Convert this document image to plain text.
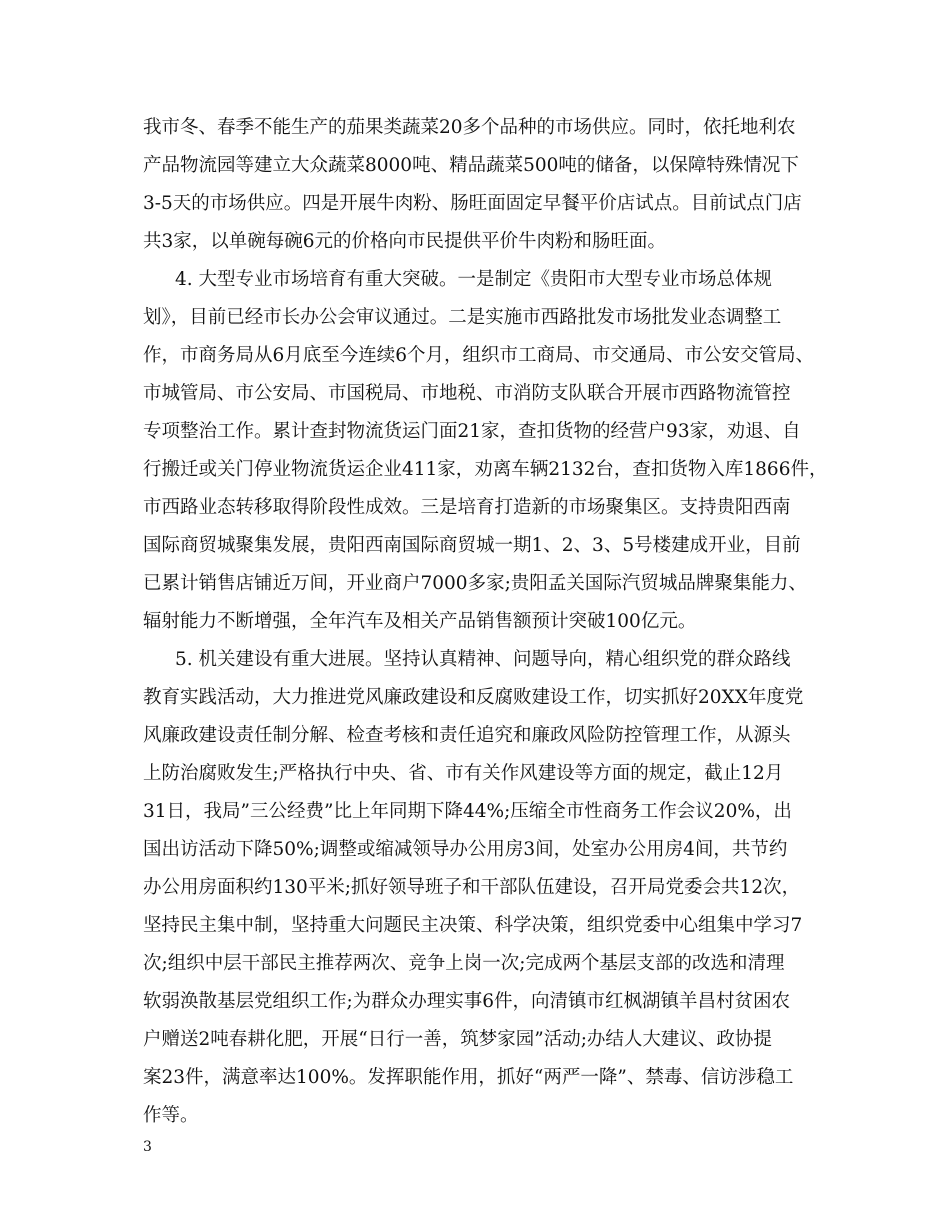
我市冬、春季不能生产的茄果类蔬菜20多个品种的市场供应。同时，依托地利农
产品物流园等建立大众蔬菜8000吨、精品蔬菜500吨的储备，以保障特殊情况下
3-5天的市场供应。四是开展牛肉粉、肠旺面固定早餐平价店试点。目前试点门店
共3家，以单碗每碗6元的价格向市民提供平价牛肉粉和肠旺面。
4. 大型专业市场培育有重大突破。一是制定《贵阳市大型专业市场总体规
划》，目前已经市长办公会审议通过。二是实施市西路批发市场批发业态调整工
作，市商务局从6月底至今连续6个月，组织市工商局、市交通局、市公安交管局、
市城管局、市公安局、市国税局、市地税、市消防支队联合开展市西路物流管控
专项整治工作。累计查封物流货运门面21家，查扣货物的经营户93家，劝退、自
行搬迁或关门停业物流货运企业411家，劝离车辆2132台，查扣货物入库1866件，
市西路业态转移取得阶段性成效。三是培育打造新的市场聚集区。支持贵阳西南
国际商贸城聚集发展，贵阳西南国际商贸城一期1、2、3、5号楼建成开业，目前
已累计销售店铺近万间，开业商户7000多家;贵阳孟关国际汽贸城品牌聚集能力、
辐射能力不断增强，全年汽车及相关产品销售额预计突破100亿元。
5. 机关建设有重大进展。坚持认真精神、问题导向，精心组织党的群众路线
教育实践活动，大力推进党风廉政建设和反腐败建设工作，切实抓好20XX年度党
风廉政建设责任制分解、检查考核和责任追究和廉政风险防控管理工作，从源头
上防治腐败发生;严格执行中央、省、市有关作风建设等方面的规定，截止12月
31日，我局”三公经费”比上年同期下降44%;压缩全市性商务工作会议20%，出
国出访活动下降50%;调整或缩减领导办公用房3间，处室办公用房4间，共节约
办公用房面积约130平米;抓好领导班子和干部队伍建设，召开局党委会共12次，
坚持民主集中制，坚持重大问题民主决策、科学决策，组织党委中心组集中学习7
次;组织中层干部民主推荐两次、竞争上岗一次;完成两个基层支部的改选和清理
软弱涣散基层党组织工作;为群众办理实事6件，向清镇市红枫湖镇羊昌村贫困农
户赠送2吨春耕化肥，开展“日行一善，筑梦家园”活动;办结人大建议、政协提
案23件，满意率达100%。发挥职能作用，抓好“两严一降”、禁毒、信访涉稳工
作等。
3
